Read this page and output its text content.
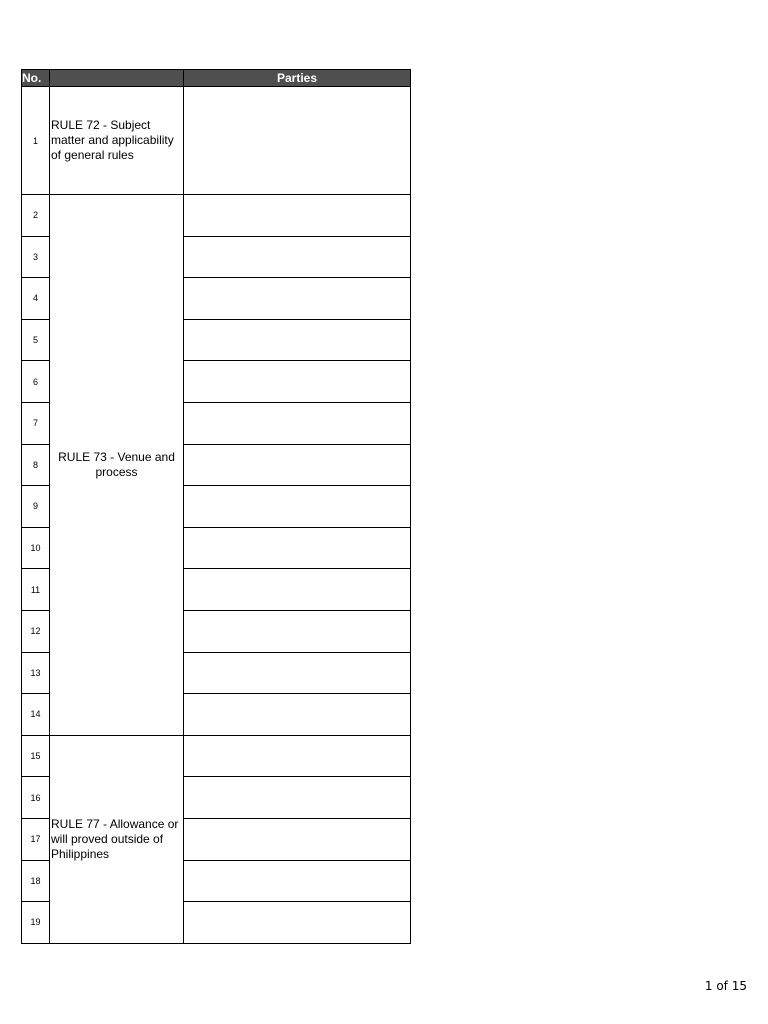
No.		Parties
1	RULE 72 - Subject matter and applicability of general rules	
2	RULE 73 - Venue and process	
3		
4		
5		
6		
7		
8		
9		
10		
11		
12		
13		
14		
15	RULE 77 - Allowance or will proved outside of Philippines	
16		
17		
18		
19		
1 of 15
